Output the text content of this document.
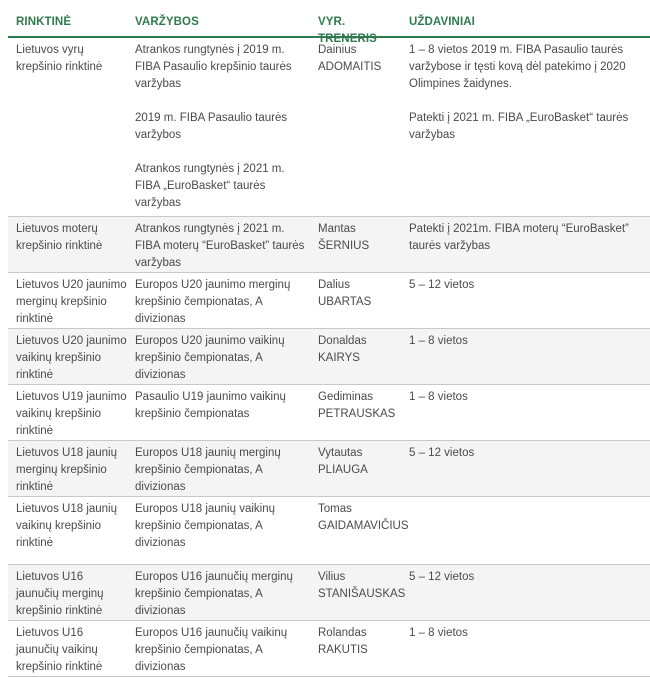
RINKTINĖ	VARŽYBOS	VYR. TRENERIS
UŽDAVINIAI
Lietuvos vyrų krepšinio rinktinė

Atrankos rungtynės į 2019 m. FIBA Pasaulio krepšinio taurės varžybas

2019 m. FIBA Pasaulio taurės varžybos

Atrankos rungtynės į 2021 m. FIBA „EuroBasket“ taurės varžybas

Dainius ADOMAITIS

1 – 8 vietos 2019 m. FIBA Pasaulio taurės varžybose ir tęsti kovą dėl patekimo į 2020 Olimpines žaidynes.

Patekti į 2021 m. FIBA „EuroBasket“ taurės varžybas

Lietuvos moterų krepšinio rinktinė

Atrankos rungtynės į 2021 m. FIBA moterų “EuroBasket” taurės varžybas

Mantas ŠERNIUS

Patekti į 2021m. FIBA moterų “EuroBasket” taurės varžybas

Lietuvos U20 jaunimo merginų krepšinio rinktinė

Europos U20 jaunimo merginų krepšinio čempionatas, A divizionas

Dalius UBARTAS

5 – 12 vietos

Lietuvos U20 jaunimo vaikinų krepšinio rinktinė

Europos U20 jaunimo vaikinų krepšinio čempionatas, A divizionas

Donaldas KAIRYS

1 – 8 vietos

Lietuvos U19 jaunimo vaikinų krepšinio rinktinė

Pasaulio U19 jaunimo vaikinų krepšinio čempionatas

Gediminas PETRAUSKAS

1 – 8 vietos

Lietuvos U18 jaunių merginų krepšinio rinktinė

Europos U18 jaunių merginų krepšinio čempionatas, A divizionas

Vytautas PLIAUGA

5 – 12 vietos

Lietuvos U18 jaunių vaikinų krepšinio rinktinė

Europos U18 jaunių vaikinų krepšinio čempionatas, A divizionas

Tomas GAIDAMAVIČIUS

Lietuvos U16 jaunučių merginų krepšinio rinktinė

Europos U16 jaunučių merginų krepšinio čempionatas, A divizionas

Vilius STANIŠAUSKAS

5 – 12 vietos

Lietuvos U16 jaunučių vaikinų krepšinio rinktinė

Europos U16 jaunučių vaikinų krepšinio čempionatas, A divizionas

Rolandas RAKUTIS

1 – 8 vietos
